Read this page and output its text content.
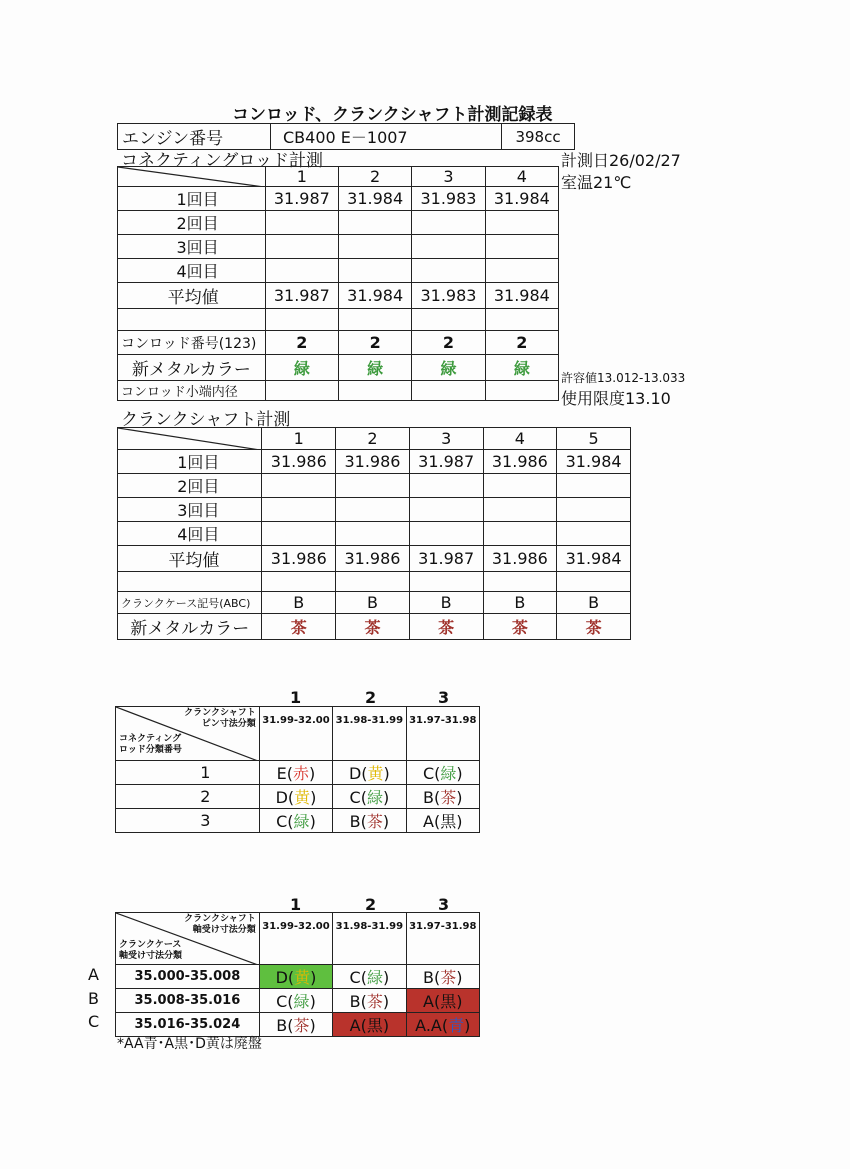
コンロッド、クランクシャフト計測記録表
エンジン番号	CB400 E－1007	398cc
コネクティングロッド計測	計測日26/02/27
室温21℃
	1	2	3	4
1回目	31.987	31.984	31.983	31.984
2回目				
3回目				
4回目				
平均値	31.987	31.984	31.983	31.984

コンロッド番号(123)	2	2	2	2
新メタルカラー	緑	緑	緑	緑
コンロッド小端内径				
許容値13.012-13.033
使用限度13.10
クランクシャフト計測
	1	2	3	4	5
1回目	31.986	31.986	31.987	31.986	31.984
2回目					
3回目					
4回目					
平均値	31.986	31.986	31.987	31.986	31.984

クランクケース記号(ABC)	B	B	B	B	B
新メタルカラー	茶	茶	茶	茶	茶
1	2	3
クランクシャフト
ピン寸法分類
コネクティング
ロッド分類番号	31.99-32.00	31.98-31.99	31.97-31.98
1	E(赤)	D(黄)	C(緑)
2	D(黄)	C(緑)	B(茶)
3	C(緑)	B(茶)	A(黒)
1	2	3
A
B
C
クランクシャフト
軸受け寸法分類
クランクケース
軸受け寸法分類	31.99-32.00	31.98-31.99	31.97-31.98
35.000-35.008	D(黄)	C(緑)	B(茶)
35.008-35.016	C(緑)	B(茶)	A(黒)
35.016-35.024	B(茶)	A(黒)	A.A(青)
*AA青･A黒･D黄は廃盤
